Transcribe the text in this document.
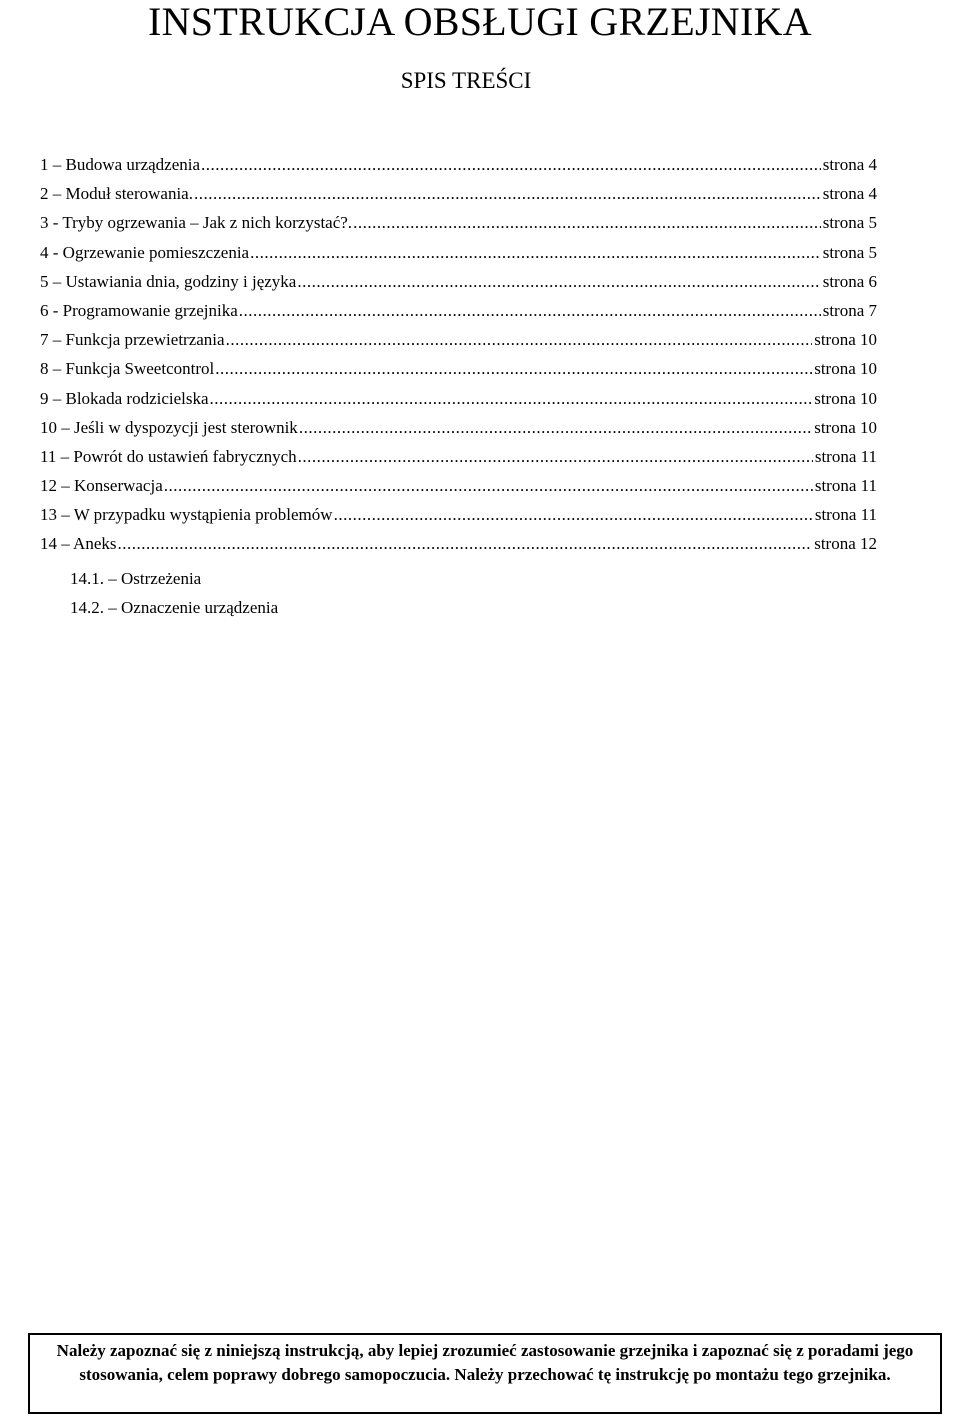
INSTRUKCJA OBSŁUGI GRZEJNIKA
SPIS TREŚCI
1 – Budowa urządzenia .....	strona 4
2 – Moduł sterowania. .....	strona 4
3 - Tryby ogrzewania – Jak z nich korzystać?. .....	strona 5
4 - Ogrzewanie pomieszczenia .....	strona 5
5 – Ustawiania dnia, godziny i języka .....	strona 6
6 - Programowanie grzejnika .....	strona 7
7 – Funkcja przewietrzania .....	strona 10
8 – Funkcja Sweetcontrol .....	strona 10
9 – Blokada rodzicielska .....	strona 10
10 – Jeśli w dyspozycji jest sterownik .....	strona 10
11 – Powrót do ustawień fabrycznych .....	strona 11
12 – Konserwacja .....	strona 11
13 – W przypadku wystąpienia problemów .....	strona 11
14 – Aneks .....	strona 12
14.1. – Ostrzeżenia
14.2. – Oznaczenie urządzenia
Należy zapoznać się z niniejszą instrukcją, aby lepiej zrozumieć zastosowanie grzejnika i zapoznać się z poradami jego stosowania, celem poprawy dobrego samopoczucia. Należy przechować tę instrukcję po montażu tego grzejnika.
